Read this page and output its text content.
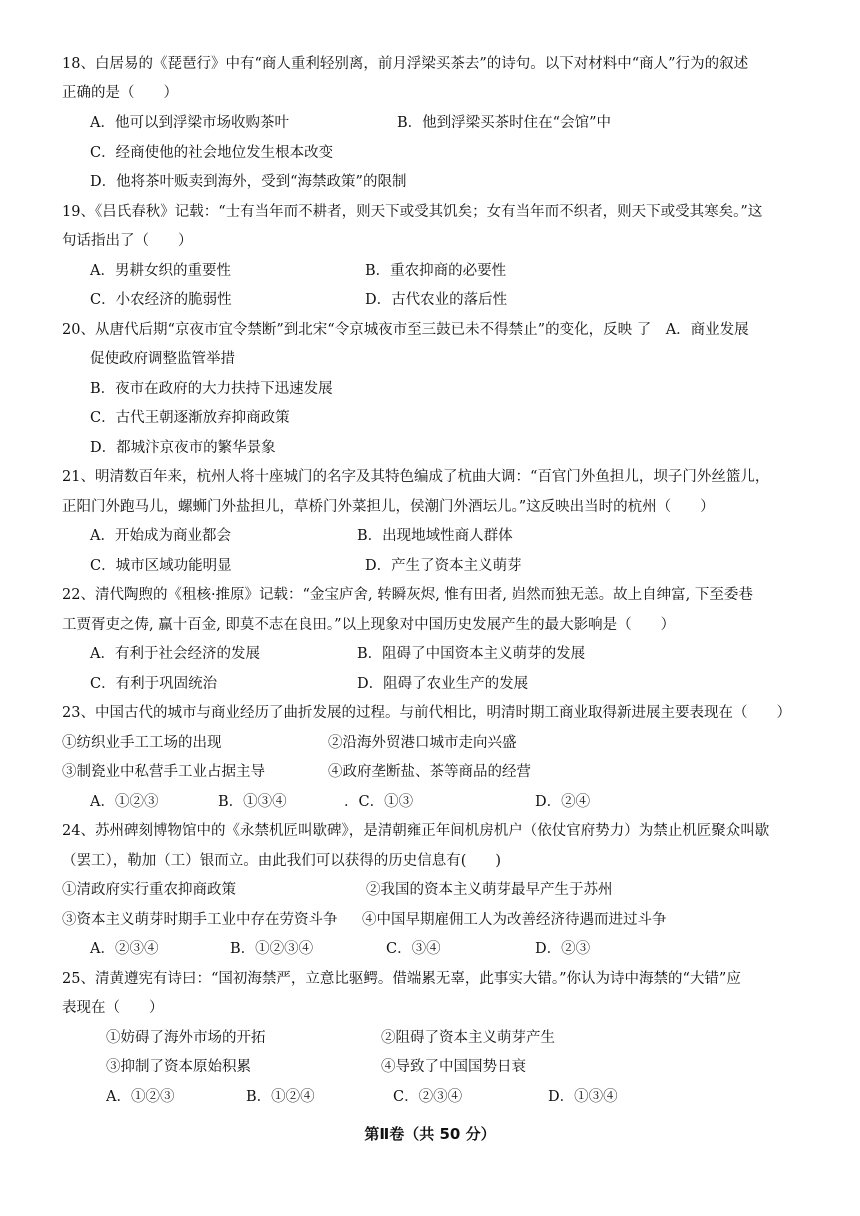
18、白居易的《琵琶行》中有“商人重利轻别离，前月浮梁买茶去”的诗句。以下对材料中“商人”行为的叙述
正确的是（　　）
A．他可以到浮梁市场收购茶叶	B．他到浮梁买茶时住在“会馆”中
C．经商使他的社会地位发生根本改变
D．他将茶叶贩卖到海外，受到“海禁政策”的限制
19、《吕氏春秋》记载：“士有当年而不耕者，则天下或受其饥矣；女有当年而不织者，则天下或受其寒矣。”这
句话指出了（　　）
A．男耕女织的重要性	B．重农抑商的必要性
C．小农经济的脆弱性	D．古代农业的落后性
20、从唐代后期“京夜市宜令禁断”到北宋“令京城夜市至三鼓已未不得禁止”的变化，反映 了　A．商业发展
促使政府调整监管举措
B．夜市在政府的大力扶持下迅速发展
C．古代王朝逐渐放弃抑商政策
D．都城汴京夜市的繁华景象
21、明清数百年来，杭州人将十座城门的名字及其特色编成了杭曲大调：“百官门外鱼担儿，坝子门外丝篮儿，
正阳门外跑马儿，螺蛳门外盐担儿，草桥门外菜担儿，侯潮门外酒坛儿。”这反映出当时的杭州（　　）
A．开始成为商业都会	B．出现地域性商人群体
C．城市区域功能明显	D．产生了资本主义萌芽
22、清代陶煦的《租核·推原》记载：“金宝庐舍, 转瞬灰烬, 惟有田者, 岿然而独无恙。故上自绅富, 下至委巷
工贾胥吏之俦, 赢十百金, 即莫不志在良田。”以上现象对中国历史发展产生的最大影响是（　　）
A．有利于社会经济的发展	B．阻碍了中国资本主义萌芽的发展
C．有利于巩固统治	D．阻碍了农业生产的发展
23、中国古代的城市与商业经历了曲折发展的过程。与前代相比，明清时期工商业取得新进展主要表现在（　　）
①纺织业手工工场的出现	②沿海外贸港口城市走向兴盛
③制瓷业中私营手工业占据主导	④政府垄断盐、茶等商品的经营
A．①②③	B．①③④	．C．①③	D．②④
24、苏州碑刻博物馆中的《永禁机匠叫歇碑》，是清朝雍正年间机房机户（依仗官府势力）为禁止机匠聚众叫歇
（罢工），勒加（工）银而立。由此我们可以获得的历史信息有(　　)
①清政府实行重农抑商政策	②我国的资本主义萌芽最早产生于苏州
③资本主义萌芽时期手工业中存在劳资斗争 ④中国早期雇佣工人为改善经济待遇而进过斗争
A．②③④	B．①②③④	C．③④	D．②③
25、清黄遵宪有诗曰：“国初海禁严，立意比驱鳄。借端累无辜，此事实大错。”你认为诗中海禁的“大错”应
表现在（　　）
①妨碍了海外市场的开拓	②阻碍了资本主义萌芽产生
③抑制了资本原始积累	④导致了中国国势日衰
A．①②③	B．①②④	C．②③④	D．①③④
第Ⅱ卷（共 50 分）
